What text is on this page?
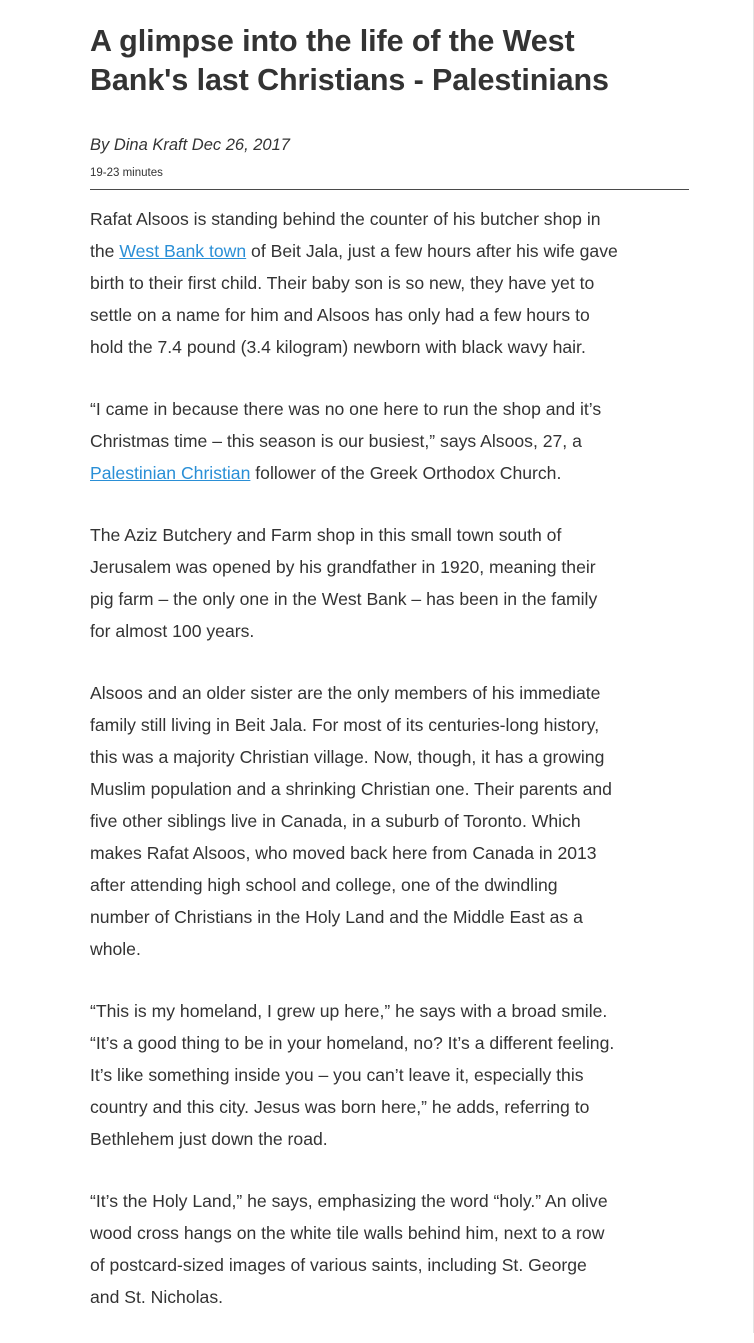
A glimpse into the life of the West
Bank's last Christians - Palestinians
By Dina Kraft Dec 26, 2017
19-23 minutes

Rafat Alsoos is standing behind the counter of his butcher shop in
the West Bank town of Beit Jala, just a few hours after his wife gave
birth to their first child. Their baby son is so new, they have yet to
settle on a name for him and Alsoos has only had a few hours to
hold the 7.4 pound (3.4 kilogram) newborn with black wavy hair.

“I came in because there was no one here to run the shop and it’s
Christmas time – this season is our busiest,” says Alsoos, 27, a
Palestinian Christian follower of the Greek Orthodox Church.

The Aziz Butchery and Farm shop in this small town south of
Jerusalem was opened by his grandfather in 1920, meaning their
pig farm – the only one in the West Bank – has been in the family
for almost 100 years.

Alsoos and an older sister are the only members of his immediate
family still living in Beit Jala. For most of its centuries-long history,
this was a majority Christian village. Now, though, it has a growing
Muslim population and a shrinking Christian one. Their parents and
five other siblings live in Canada, in a suburb of Toronto. Which
makes Rafat Alsoos, who moved back here from Canada in 2013
after attending high school and college, one of the dwindling
number of Christians in the Holy Land and the Middle East as a
whole.

“This is my homeland, I grew up here,” he says with a broad smile.
“It’s a good thing to be in your homeland, no? It’s a different feeling.
It’s like something inside you – you can’t leave it, especially this
country and this city. Jesus was born here,” he adds, referring to
Bethlehem just down the road.

“It’s the Holy Land,” he says, emphasizing the word “holy.” An olive
wood cross hangs on the white tile walls behind him, next to a row
of postcard-sized images of various saints, including St. George
and St. Nicholas.
